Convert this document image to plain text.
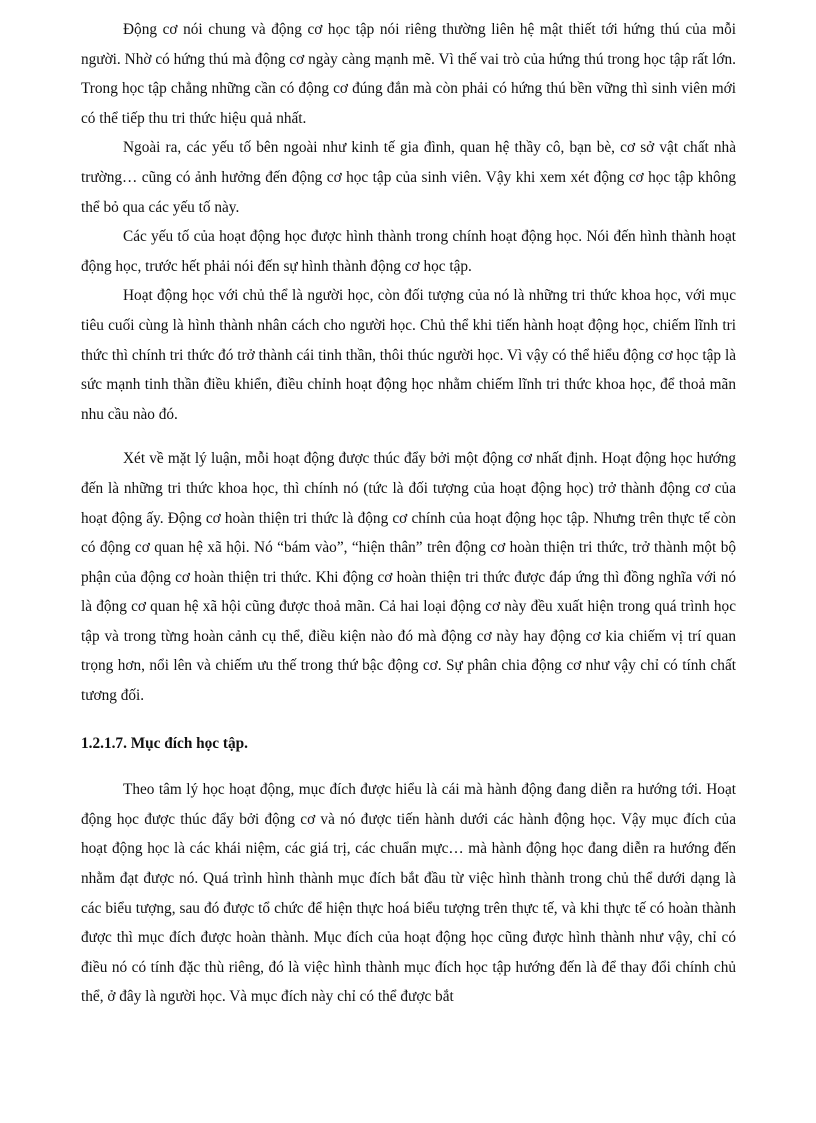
Động cơ nói chung và động cơ học tập nói riêng thường liên hệ mật thiết tới hứng thú của mỗi người. Nhờ có hứng thú mà động cơ ngày càng mạnh mẽ. Vì thế vai trò của hứng thú trong học tập rất lớn. Trong học tập chẳng những cần có động cơ đúng đắn mà còn phải có hứng thú bền vững thì sinh viên mới có thể tiếp thu tri thức hiệu quả nhất.

Ngoài ra, các yếu tố bên ngoài như kinh tế gia đình, quan hệ thầy cô, bạn bè, cơ sở vật chất nhà trường… cũng có ảnh hưởng đến động cơ học tập của sinh viên. Vậy khi xem xét động cơ học tập không thể bỏ qua các yếu tố này.

Các yếu tố của hoạt động học được hình thành trong chính hoạt động học. Nói đến hình thành hoạt động học, trước hết phải nói đến sự hình thành động cơ học tập.

Hoạt động học với chủ thể là người học, còn đối tượng của nó là những tri thức khoa học, với mục tiêu cuối cùng là hình thành nhân cách cho người học. Chủ thể khi tiến hành hoạt động học, chiếm lĩnh tri thức thì chính tri thức đó trở thành cái tinh thần, thôi thúc người học. Vì vậy có thể hiểu động cơ học tập là sức mạnh tinh thần điều khiển, điều chỉnh hoạt động học nhằm chiếm lĩnh tri thức khoa học, để thoả mãn nhu cầu nào đó.

Xét về mặt lý luận, mỗi hoạt động được thúc đẩy bởi một động cơ nhất định. Hoạt động học hướng đến là những tri thức khoa học, thì chính nó (tức là đối tượng của hoạt động học) trở thành động cơ của hoạt động ấy. Động cơ hoàn thiện tri thức là động cơ chính của hoạt động học tập. Nhưng trên thực tế còn có động cơ quan hệ xã hội. Nó “bám vào”, “hiện thân” trên động cơ hoàn thiện tri thức, trở thành một bộ phận của động cơ hoàn thiện tri thức. Khi động cơ hoàn thiện tri thức được đáp ứng thì đồng nghĩa với nó là động cơ quan hệ xã hội cũng được thoả mãn. Cả hai loại động cơ này đều xuất hiện trong quá trình học tập và trong từng hoàn cảnh cụ thể, điều kiện nào đó mà động cơ này hay động cơ kia chiếm vị trí quan trọng hơn, nổi lên và chiếm ưu thế trong thứ bậc động cơ. Sự phân chia động cơ như vậy chỉ có tính chất tương đối.

1.2.1.7. Mục đích học tập.

Theo tâm lý học hoạt động, mục đích được hiểu là cái mà hành động đang diễn ra hướng tới. Hoạt động học được thúc đẩy bởi động cơ và nó được tiến hành dưới các hành động học. Vậy mục đích của hoạt động học là các khái niệm, các giá trị, các chuẩn mực… mà hành động học đang diễn ra hướng đến nhằm đạt được nó. Quá trình hình thành mục đích bắt đầu từ việc hình thành trong chủ thể dưới dạng là các biểu tượng, sau đó được tổ chức để hiện thực hoá biểu tượng trên thực tế, và khi thực tế có hoàn thành được thì mục đích được hoàn thành. Mục đích của hoạt động học cũng được hình thành như vậy, chỉ có điều nó có tính đặc thù riêng, đó là việc hình thành mục đích học tập hướng đến là để thay đổi chính chủ thể, ở đây là người học. Và mục đích này chỉ có thể được bắt
